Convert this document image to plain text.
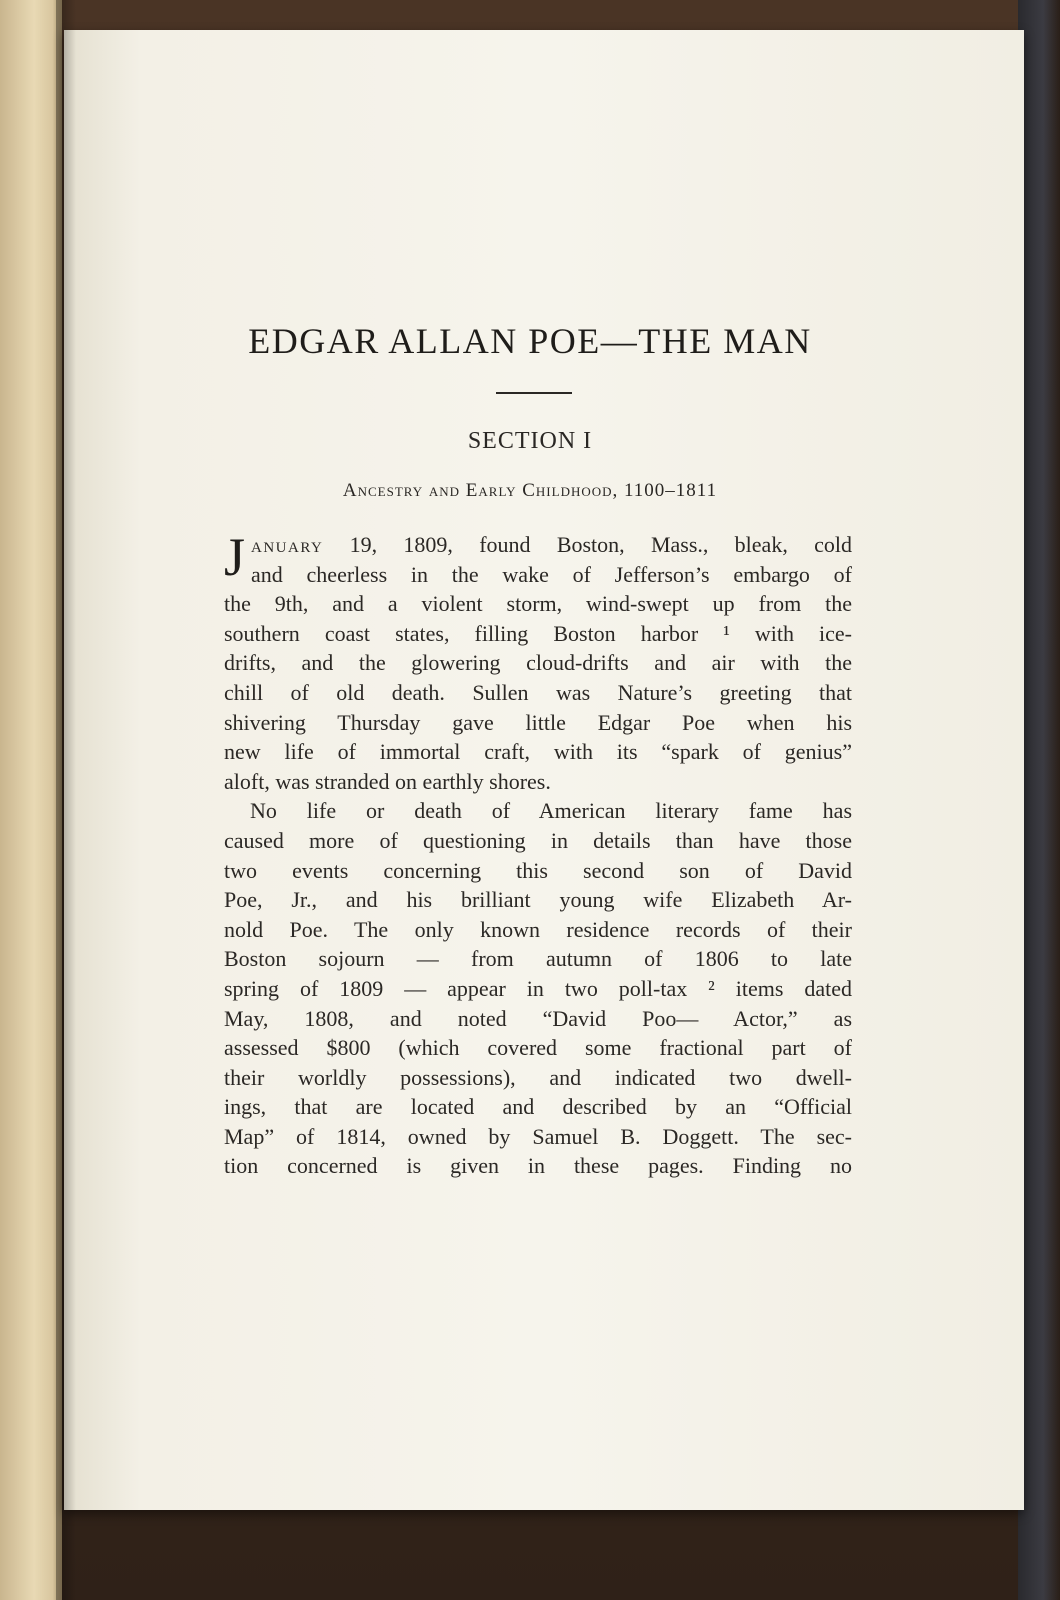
EDGAR ALLAN POE—THE MAN
SECTION I

Ancestry and Early Childhood, 1100–1811

J anuary 19, 1809, found Boston, Mass., bleak, cold
and cheerless in the wake of Jefferson’s embargo of
the 9th, and a violent storm, wind-swept up from the
southern coast states, filling Boston harbor ¹ with ice-
drifts, and the glowering cloud-drifts and air with the
chill of old death. Sullen was Nature’s greeting that
shivering Thursday gave little Edgar Poe when his
new life of immortal craft, with its “spark of genius”
aloft, was stranded on earthly shores.
No life or death of American literary fame has
caused more of questioning in details than have those
two events concerning this second son of David
Poe, Jr., and his brilliant young wife Elizabeth Ar-
nold Poe. The only known residence records of their
Boston sojourn — from autumn of 1806 to late
spring of 1809 — appear in two poll-tax ² items dated
May, 1808, and noted “David Poo— Actor,” as
assessed $800 (which covered some fractional part of
their worldly possessions), and indicated two dwell-
ings, that are located and described by an “Official
Map” of 1814, owned by Samuel B. Doggett. The sec-
tion concerned is given in these pages. Finding no
